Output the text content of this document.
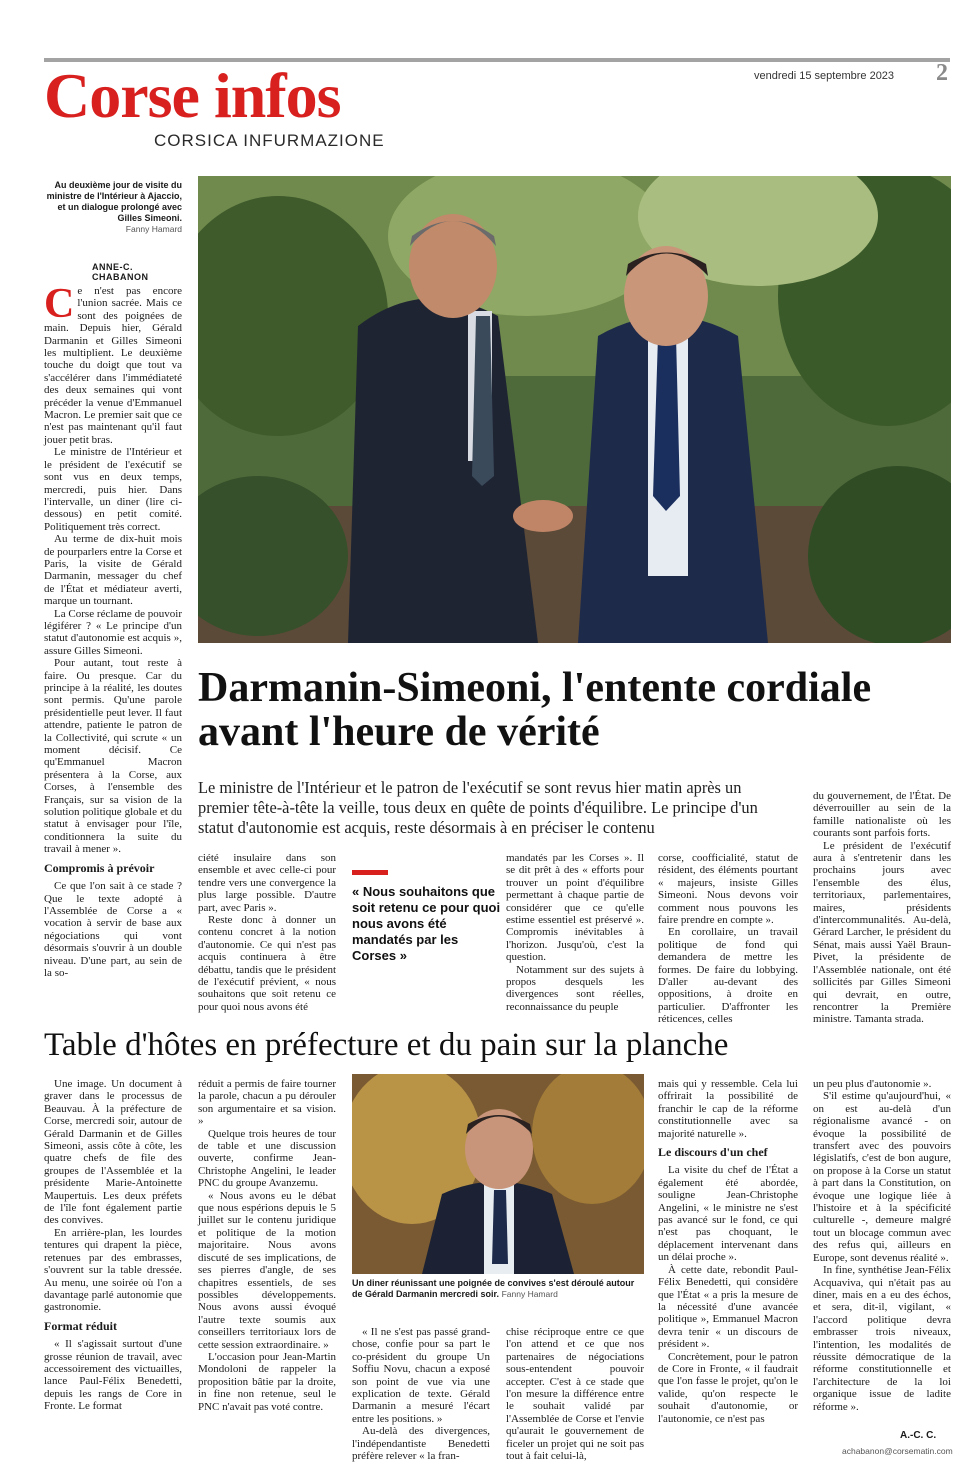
Corse infos
CORSICA INFURMAZIONE
vendredi 15 septembre 2023 2
Au deuxième jour de visite du ministre de l'Intérieur à Ajaccio, et un dialogue prolongé avec Gilles Simeoni.
Fanny Hamard
ANNE-C. CHABANON

Ce n'est pas encore l'union sacrée. Mais ce sont des poignées de main. Depuis hier, Gérald Darmanin et Gilles Simeoni les multiplient. Le deuxième touche du doigt que tout va s'accélérer dans l'immédiateté des deux semaines qui vont précéder la venue d'Emmanuel Macron. Le premier sait que ce n'est pas maintenant qu'il faut jouer petit bras.

Le ministre de l'Intérieur et le président de l'exécutif se sont vus en deux temps, mercredi, puis hier. Dans l'intervalle, un diner (lire ci-dessous) en petit comité. Politiquement très correct.

Au terme de dix-huit mois de pourparlers entre la Corse et Paris, la visite de Gérald Darmanin, messager du chef de l'État et médiateur averti, marque un tournant.

La Corse réclame de pouvoir légiférer ? « Le principe d'un statut d'autonomie est acquis », assure Gilles Simeoni.

Pour autant, tout reste à faire. Ou presque. Car du principe à la réalité, les doutes sont permis. Qu'une parole présidentielle peut lever. Il faut attendre, patiente le patron de la Collectivité, qui scrute « un moment décisif. Ce qu'Emmanuel Macron présentera à la Corse, aux Corses, à l'ensemble des Français, sur sa vision de la solution politique globale et du statut à envisager pour l'île, conditionnera la suite du travail à mener ».

Compromis à prévoir

Ce que l'on sait à ce stade ? Que le texte adopté à l'Assemblée de Corse a « vocation à servir de base aux négociations qui vont désormais s'ouvrir à un double niveau. D'une part, au sein de la so-

Darmanin-Simeoni, l'entente cordiale avant l'heure de vérité
Le ministre de l'Intérieur et le patron de l'exécutif se sont revus hier matin après un premier tête-à-tête la veille, tous deux en quête de points d'équilibre. Le principe d'un statut d'autonomie est acquis, reste désormais à en préciser le contenu

ciété insulaire dans son ensemble et avec celle-ci pour tendre vers une convergence la plus large possible. D'autre part, avec Paris ».

Reste donc à donner un contenu concret à la notion d'autonomie. Ce qui n'est pas acquis continuera à être débattu, tandis que le président de l'exécutif prévient, « nous souhaitons que soit retenu ce pour quoi nous avons été

« Nous souhaitons que soit retenu ce pour quoi nous avons été mandatés par les Corses »

mandatés par les Corses ». Il se dit prêt à des « efforts pour trouver un point d'équilibre permettant à chaque partie de considérer que ce qu'elle estime essentiel est préservé ». Compromis inévitables à l'horizon. Jusqu'où, c'est la question.

Notamment sur des sujets à propos desquels les divergences sont réelles, reconnaissance du peuple

corse, coofficialité, statut de résident, des éléments pourtant « majeurs, insiste Gilles Simeoni. Nous devons voir comment nous pouvons les faire prendre en compte ».

En corollaire, un travail politique de fond qui demandera de mettre les formes. De faire du lobbying. D'aller au-devant des oppositions, à droite en particulier. D'affronter les réticences, celles

du gouvernement, de l'État. De déverrouiller au sein de la famille nationaliste où les courants sont parfois forts.

Le président de l'exécutif aura à s'entretenir dans les prochains jours avec l'ensemble des élus, territoriaux, parlementaires, maires, présidents d'intercommunalités. Au-delà, Gérard Larcher, le président du Sénat, mais aussi Yaël Braun-Pivet, la présidente de l'Assemblée nationale, ont été sollicités par Gilles Simeoni qui devrait, en outre, rencontrer la Première ministre. Tamanta strada.

Table d'hôtes en préfecture et du pain sur la planche

Une image. Un document à graver dans le processus de Beauvau. À la préfecture de Corse, mercredi soir, autour de Gérald Darmanin et de Gilles Simeoni, assis côte à côte, les quatre chefs de file des groupes de l'Assemblée et la présidente Marie-Antoinette Maupertuis. Les deux préfets de l'île font également partie des convives.

En arrière-plan, les lourdes tentures qui drapent la pièce, retenues par des embrasses, s'ouvrent sur la table dressée. Au menu, une soirée où l'on a davantage parlé autonomie que gastronomie.

Format réduit

« Il s'agissait surtout d'une grosse réunion de travail, avec accessoirement des victuailles, lance Paul-Félix Benedetti, depuis les rangs de Core in Fronte. Le format

réduit a permis de faire tourner la parole, chacun a pu dérouler son argumentaire et sa vision. »

Quelque trois heures de tour de table et une discussion ouverte, confirme Jean-Christophe Angelini, le leader PNC du groupe Avanzemu.

« Nous avons eu le débat que nous espérions depuis le 5 juillet sur le contenu juridique et politique de la motion majoritaire. Nous avons discuté de ses implications, de ses pierres d'angle, de ses chapitres essentiels, de ses possibles développements. Nous avons aussi évoqué l'autre texte soumis aux conseillers territoriaux lors de cette session extraordinaire. »

L'occasion pour Jean-Martin Mondoloni de rappeler la proposition bâtie par la droite, in fine non retenue, seul le PNC n'avait pas voté contre.

Un diner réunissant une poignée de convives s'est déroulé autour de Gérald Darmanin mercredi soir. Fanny Hamard

« Il ne s'est pas passé grand-chose, confie pour sa part le co-président du groupe Un Soffiu Novu, chacun a exposé son point de vue via une explication de texte. Gérald Darmanin a mesuré l'écart entre les positions. »

Au-delà des divergences, l'indépendantiste Benedetti préfère relever « la fran-

chise réciproque entre ce que l'on attend et ce que nos partenaires de négociations sous-entendent pouvoir accepter. C'est à ce stade que l'on mesure la différence entre le souhait validé par l'Assemblée de Corse et l'envie qu'aurait le gouvernement de ficeler un projet qui ne soit pas tout à fait celui-là,

mais qui y ressemble. Cela lui offrirait la possibilité de franchir le cap de la réforme constitutionnelle avec sa majorité naturelle ».

Le discours d'un chef

La visite du chef de l'État a également été abordée, souligne Jean-Christophe Angelini, « le ministre ne s'est pas avancé sur le fond, ce qui n'est pas choquant, le déplacement intervenant dans un délai proche ».

À cette date, rebondit Paul-Félix Benedetti, qui considère que l'État « a pris la mesure de la nécessité d'une avancée politique », Emmanuel Macron devra tenir « un discours de président ».

Concrètement, pour le patron de Core in Fronte, « il faudrait que l'on fasse le projet, qu'on le valide, qu'on respecte le souhait d'autonomie, or l'autonomie, ce n'est pas

un peu plus d'autonomie ».

S'il estime qu'aujourd'hui, « on est au-delà d'un régionalisme avancé - on évoque la possibilité de transfert avec des pouvoirs législatifs, c'est de bon augure, on propose à la Corse un statut à part dans la Constitution, on évoque une logique liée à l'histoire et à la spécificité culturelle -, demeure malgré tout un blocage commun avec des refus qui, ailleurs en Europe, sont devenus réalité ».

In fine, synthétise Jean-Félix Acquaviva, qui n'était pas au diner, mais en a eu des échos, et sera, dit-il, vigilant, « l'accord politique devra embrasser trois niveaux, l'intention, les modalités de réussite démocratique de la réforme constitutionnelle et l'architecture de la loi organique issue de ladite réforme ».

A.-C. C.
achabanon@corsematin.com
